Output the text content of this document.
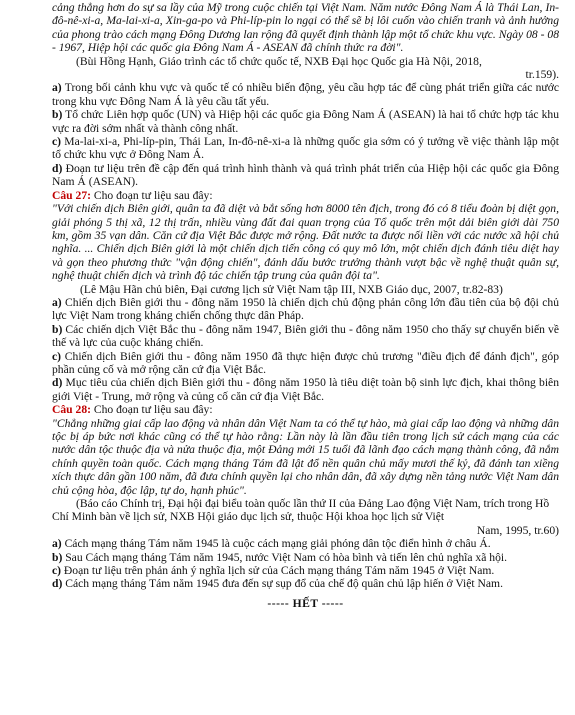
cảng thẳng hơn do sự sa lầy của Mỹ trong cuộc chiến tại Việt Nam. Năm nước Đông Nam Á là Thái Lan, In-đô-nê-xi-a, Ma-lai-xi-a, Xin-ga-po và Phi-líp-pin lo ngại có thể sẽ bị lôi cuốn vào chiến tranh và ảnh hưởng của phong trào cách mạng Đông Dương lan rộng đã quyết định thành lập một tổ chức khu vực. Ngày 08 - 08 - 1967, Hiệp hội các quốc gia Đông Nam Á - ASEAN đã chính thức ra đời".

(Bùi Hồng Hạnh, Giáo trình các tổ chức quốc tế, NXB Đại học Quốc gia Hà Nội, 2018,

tr.159).

a) Trong bối cảnh khu vực và quốc tế có nhiều biến động, yêu cầu hợp tác để cùng phát triển giữa các nước trong khu vực Đông Nam Á là yêu cầu tất yếu.

b) Tổ chức Liên hợp quốc (UN) và Hiệp hội các quốc gia Đông Nam Á (ASEAN) là hai tổ chức hợp tác khu vực ra đời sớm nhất và thành công nhất.

c) Ma-lai-xi-a, Phi-líp-pin, Thái Lan, In-đô-nê-xi-a là những quốc gia sớm có ý tưởng về việc thành lập một tổ chức khu vực ở Đông Nam Á.

d) Đoạn tư liệu trên đề cập đến quá trình hình thành và quá trình phát triển của Hiệp hội các quốc gia Đông Nam Á (ASEAN).

Câu 27: Cho đoạn tư liệu sau đây:

"Với chiến dịch Biên giới, quân ta đã diệt và bắt sống hơn 8000 tên địch, trong đó có 8 tiểu đoàn bị diệt gọn, giải phóng 5 thị xã, 12 thị trấn, nhiều vùng đất đai quan trọng của Tổ quốc trên một dải biên giới dài 750 km, gồm 35 vạn dân. Căn cứ địa Việt Bắc được mở rộng. Đất nước ta được nối liền với các nước xã hội chủ nghĩa. ... Chiến dịch Biên giới là một chiến dịch tiến công có quy mô lớn, một chiến dịch đánh tiêu diệt hay và gọn theo phương thức "vận động chiến", đánh dấu bước trưởng thành vượt bậc về nghệ thuật quân sự, nghệ thuật chiến dịch và trình độ tác chiến tập trung của quân đội ta".

(Lê Mậu Hãn chủ biên, Đại cương lịch sử Việt Nam tập III, NXB Giáo dục, 2007, tr.82-83)

a) Chiến dịch Biên giới thu - đông năm 1950 là chiến dịch chủ động phản công lớn đầu tiên của bộ đội chủ lực Việt Nam trong kháng chiến chống thực dân Pháp.

b) Các chiến dịch Việt Bắc thu - đông năm 1947, Biên giới thu - đông năm 1950 cho thấy sự chuyển biến về thế và lực của cuộc kháng chiến.

c) Chiến dịch Biên giới thu - đông năm 1950 đã thực hiện được chủ trương "điều địch để đánh địch", góp phần củng cố và mở rộng căn cứ địa Việt Bắc.

d) Mục tiêu của chiến dịch Biên giới thu - đông năm 1950 là tiêu diệt toàn bộ sinh lực địch, khai thông biên giới Việt - Trung, mở rộng và củng cố căn cứ địa Việt Bắc.

Câu 28: Cho đoạn tư liệu sau đây:

"Chẳng những giai cấp lao động và nhân dân Việt Nam ta có thể tự hào, mà giai cấp lao động và những dân tộc bị áp bức nơi khác cũng có thể tự hào rằng: Lần này là lần đầu tiên trong lịch sử cách mạng của các nước dân tộc thuộc địa và nửa thuộc địa, một Đảng mới 15 tuổi đã lãnh đạo cách mạng thành công, đã nắm chính quyền toàn quốc. Cách mạng tháng Tám đã lật đổ nền quân chủ mấy mươi thế kỷ, đã đánh tan xiềng xích thực dân gần 100 năm, đã đưa chính quyền lại cho nhân dân, đã xây dựng nền tảng nước Việt Nam dân chủ cộng hòa, độc lập, tự do, hạnh phúc".

(Báo cáo Chính trị, Đại hội đại biểu toàn quốc lần thứ II của Đảng Lao động Việt Nam, trích trong Hồ Chí Minh bàn về lịch sử, NXB Hội giáo dục lịch sử, thuộc Hội khoa học lịch sử Việt

Nam, 1995, tr.60)

a) Cách mạng tháng Tám năm 1945 là cuộc cách mạng giải phóng dân tộc điển hình ở châu Á.

b) Sau Cách mạng tháng Tám năm 1945, nước Việt Nam có hòa bình và tiến lên chủ nghĩa xã hội.

c) Đoạn tư liệu trên phản ánh ý nghĩa lịch sử của Cách mạng tháng Tám năm 1945 ở Việt Nam.

d) Cách mạng tháng Tám năm 1945 đưa đến sự sụp đổ của chế độ quân chủ lập hiến ở Việt Nam.

----- HẾT -----
